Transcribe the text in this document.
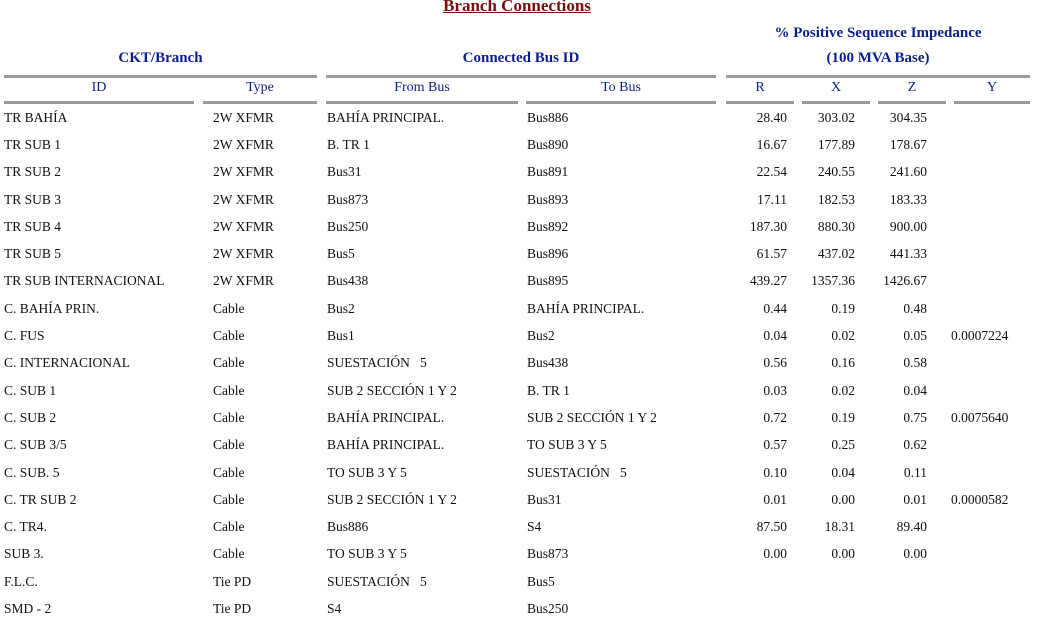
Branch Connections
CKT/Branch	Connected Bus ID
% Positive Sequence Impedance
(100 MVA Base)
ID	Type	From Bus	To Bus	R	X	Z	Y
TR BAHÍA	2W XFMR	BAHÍA PRINCIPAL.	Bus886	28.40	303.02	304.35	
TR SUB 1	2W XFMR	B. TR 1	Bus890	16.67	177.89	178.67	
TR SUB 2	2W XFMR	Bus31	Bus891	22.54	240.55	241.60	
TR SUB 3	2W XFMR	Bus873	Bus893	17.11	182.53	183.33	
TR SUB 4	2W XFMR	Bus250	Bus892	187.30	880.30	900.00	
TR SUB 5	2W XFMR	Bus5	Bus896	61.57	437.02	441.33	
TR SUB INTERNACIONAL	2W XFMR	Bus438	Bus895	439.27	1357.36	1426.67	
C. BAHÍA PRIN.	Cable	Bus2	BAHÍA PRINCIPAL.	0.44	0.19	0.48	
C. FUS	Cable	Bus1	Bus2	0.04	0.02	0.05	0.0007224
C. INTERNACIONAL	Cable	SUESTACIÓN   5	Bus438	0.56	0.16	0.58	
C. SUB 1	Cable	SUB 2 SECCIÓN 1 Y 2	B. TR 1	0.03	0.02	0.04	
C. SUB 2	Cable	BAHÍA PRINCIPAL.	SUB 2 SECCIÓN 1 Y 2	0.72	0.19	0.75	0.0075640
C. SUB 3/5	Cable	BAHÍA PRINCIPAL.	TO SUB 3 Y 5	0.57	0.25	0.62	
C. SUB. 5	Cable	TO SUB 3 Y 5	SUESTACIÓN   5	0.10	0.04	0.11	
C. TR SUB 2	Cable	SUB 2 SECCIÓN 1 Y 2	Bus31	0.01	0.00	0.01	0.0000582
C. TR4.	Cable	Bus886	S4	87.50	18.31	89.40	
SUB 3.	Cable	TO SUB 3 Y 5	Bus873	0.00	0.00	0.00	
F.L.C.	Tie PD	SUESTACIÓN   5	Bus5				
SMD - 2	Tie PD	S4	Bus250				
